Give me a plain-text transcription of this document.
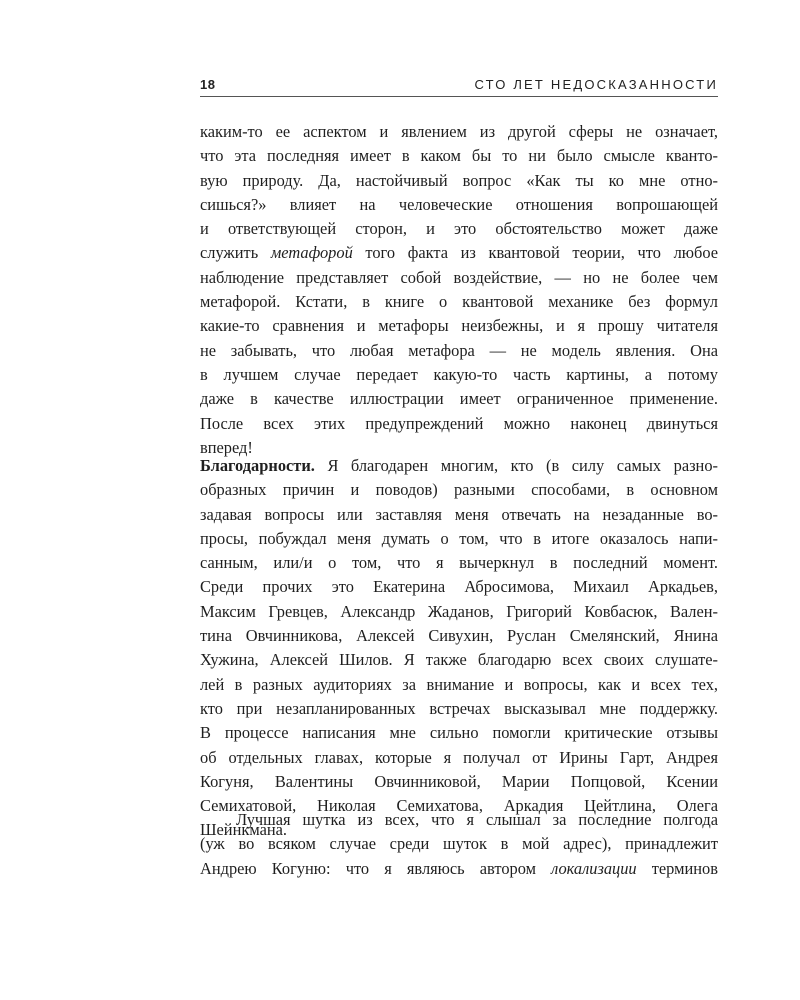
18	СТО ЛЕТ НЕДОСКАЗАННОСТИ
каким-то ее аспектом и явлением из другой сферы не означает,
что эта последняя имеет в каком бы то ни было смысле кванто-
вую природу. Да, настойчивый вопрос «Как ты ко мне отно-
сишься?» влияет на человеческие отношения вопрошающей
и ответствующей сторон, и это обстоятельство может даже
служить метафорой того факта из квантовой теории, что любое
наблюдение представляет собой воздействие, — но не более чем
метафорой. Кстати, в книге о квантовой механике без формул
какие-то сравнения и метафоры неизбежны, и я прошу читателя
не забывать, что любая метафора — не модель явления. Она
в лучшем случае передает какую-то часть картины, а потому
даже в качестве иллюстрации имеет ограниченное применение.
После всех этих предупреждений можно наконец двинуться
вперед!
Благодарности. Я благодарен многим, кто (в силу самых разно-
образных причин и поводов) разными способами, в основном
задавая вопросы или заставляя меня отвечать на незаданные во-
просы, побуждал меня думать о том, что в итоге оказалось напи-
санным, или/и о том, что я вычеркнул в последний момент.
Среди прочих это Екатерина Абросимова, Михаил Аркадьев,
Максим Гревцев, Александр Жаданов, Григорий Ковбасюк, Вален-
тина Овчинникова, Алексей Сивухин, Руслан Смелянский, Янина
Хужина, Алексей Шилов. Я также благодарю всех своих слушате-
лей в разных аудиториях за внимание и вопросы, как и всех тех,
кто при незапланированных встречах высказывал мне поддержку.
В процессе написания мне сильно помогли критические отзывы
об отдельных главах, которые я получал от Ирины Гарт, Андрея
Когуня, Валентины Овчинниковой, Марии Попцовой, Ксении
Семихатовой, Николая Семихатова, Аркадия Цейтлина, Олега
Шейнкмана.
Лучшая шутка из всех, что я слышал за последние полгода
(уж во всяком случае среди шуток в мой адрес), принадлежит
Андрею Когуню: что я являюсь автором локализации терминов
